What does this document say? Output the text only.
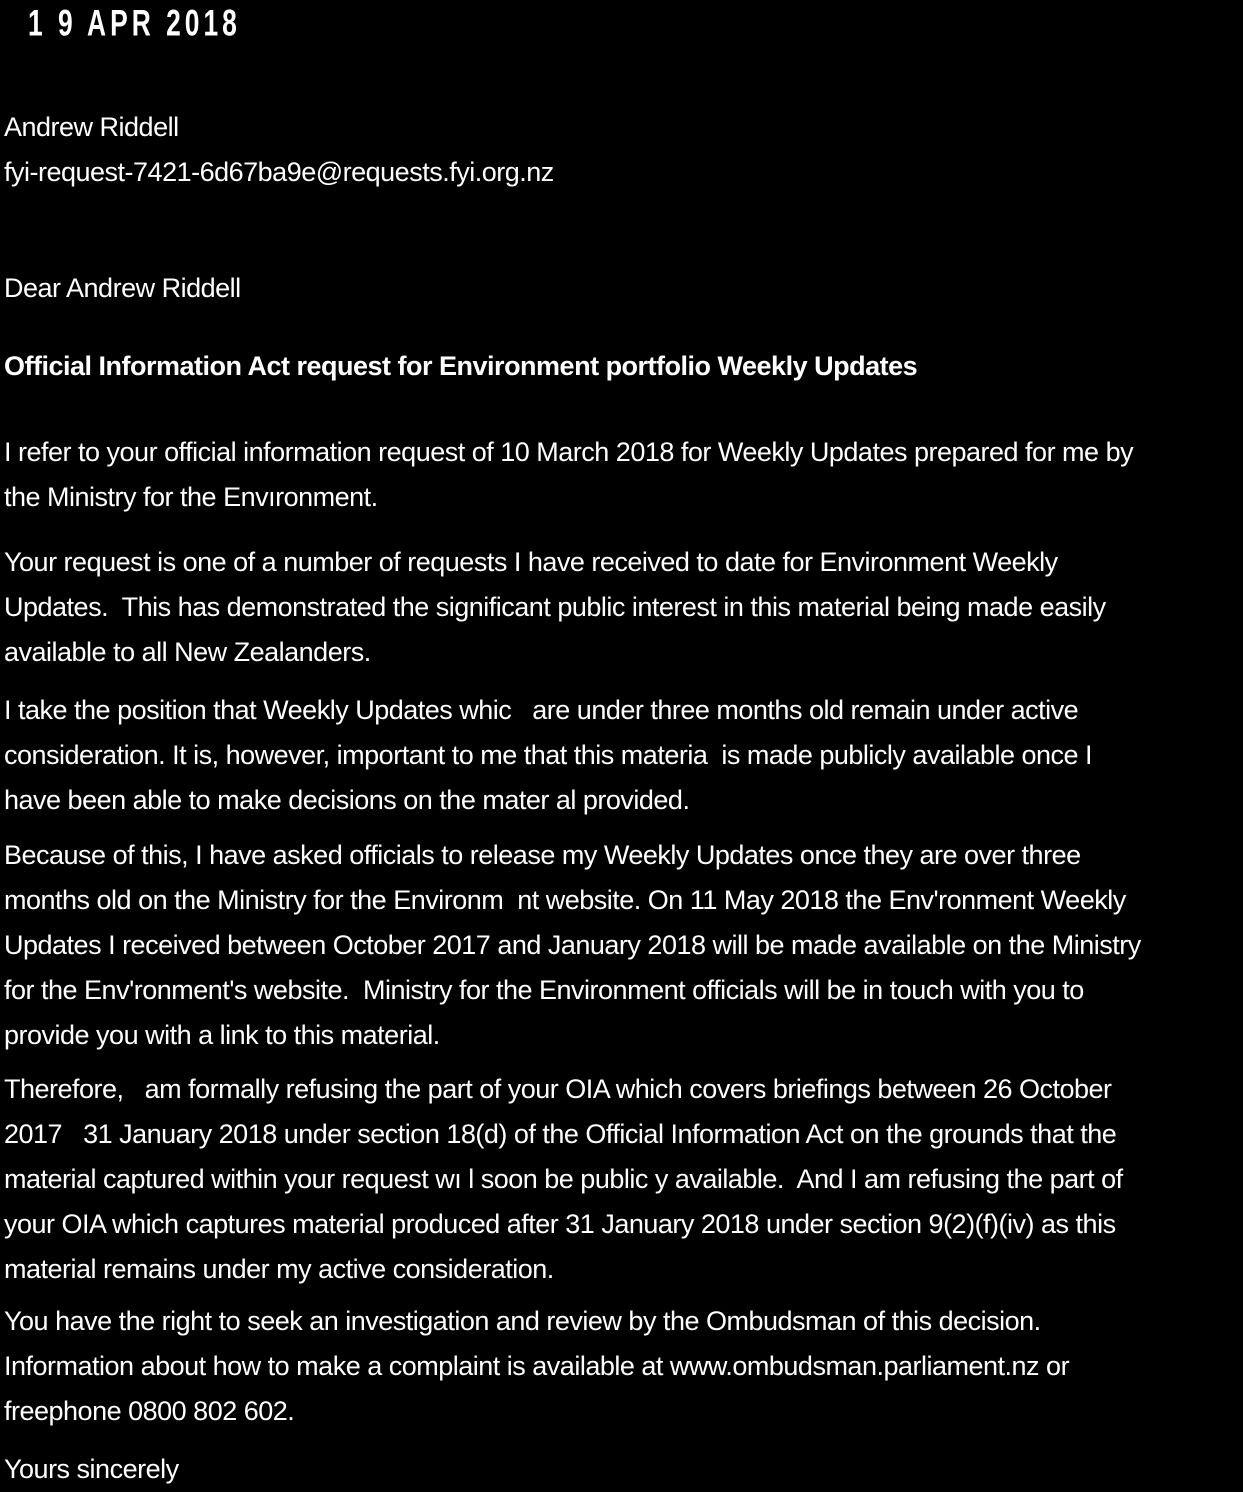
1 9 APR 2018
Andrew Riddell
fyi-request-7421-6d67ba9e@requests.fyi.org.nz
Dear Andrew Riddell
Official Information Act request for Environment portfolio Weekly Updates
I refer to your official information request of 10 March 2018 for Weekly Updates prepared for me by
the Ministry for the Envıronment.
Your request is one of a number of requests I have received to date for Environment Weekly
Updates.  This has demonstrated the significant public interest in this material being made easily
available to all New Zealanders.
I take the position that Weekly Updates whic   are under three months old remain under active
consideration. It is, however, important to me that this materia  is made publicly available once I
have been able to make decisions on the mater al provided.
Because of this, I have asked officials to release my Weekly Updates once they are over three
months old on the Ministry for the Environm  nt website. On 11 May 2018 the Env'ronment Weekly
Updates I received between October 2017 and January 2018 will be made available on the Ministry
for the Env'ronment's website.  Ministry for the Environment officials will be in touch with you to
provide you with a link to this material.
Therefore,   am formally refusing the part of your OIA which covers briefings between 26 October
2017   31 January 2018 under section 18(d) of the Official Information Act on the grounds that the
material captured within your request wı l soon be public y available.  And I am refusing the part of
your OIA which captures material produced after 31 January 2018 under section 9(2)(f)(iv) as this
material remains under my active consideration.
You have the right to seek an investigation and review by the Ombudsman of this decision.
Information about how to make a complaint is available at www.ombudsman.parliament.nz or
freephone 0800 802 602.
Yours sincerely
